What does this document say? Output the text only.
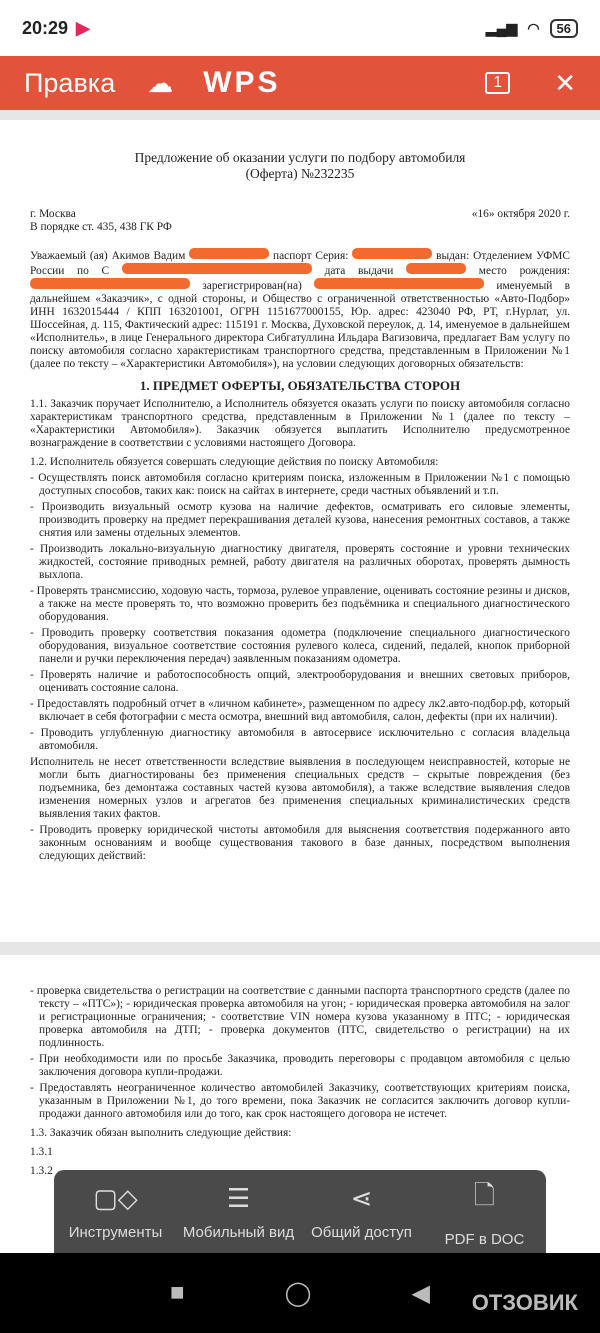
20:29 ▶	▂▄▆ ◠	56
Правка ☁ WPS	1	✕
Предложение об оказании услуги по подбору автомобиля
(Оферта) №232235
г. Москва	«16» октября 2020 г.
В порядке ст. 435, 438 ГК РФ

Уважаемый (ая) Акимов Вадим	паспорт Серия:	выдан: Отделением УФМС России по С	дата выдачи	место рождения:  зарегистрирован(на)	именуемый в дальнейшем «Заказчик», с одной стороны, и Общество с ограниченной ответственностью «Авто-Подбор» ИНН 1632015444 / КПП 163201001, ОГРН 1151677000155, Юр. адрес: 423040 РФ, РТ, г.Нурлат, ул. Шоссейная, д. 115, Фактический адрес: 115191 г. Москва, Духовской переулок, д. 14, именуемое в дальнейшем «Исполнитель», в лице Генерального директора Сибгатуллина Ильдара Вагизовича, предлагает Вам услугу по поиску автомобиля согласно характеристикам транспортного средства, представленным в Приложении №1 (далее по тексту – «Характеристики Автомобиля»), на условии следующих договорных обязательств:

1. ПРЕДМЕТ ОФЕРТЫ, ОБЯЗАТЕЛЬСТВА СТОРОН

1.1. Заказчик поручает Исполнителю, а Исполнитель обязуется оказать услуги по поиску автомобиля согласно характеристикам транспортного средства, представленным в Приложении №1 (далее по тексту – «Характеристики Автомобиля»). Заказчик обязуется выплатить Исполнителю предусмотренное вознаграждение в соответствии с условиями настоящего Договора.

1.2. Исполнитель обязуется совершать следующие действия по поиску Автомобиля:

- Осуществлять поиск автомобиля согласно критериям поиска, изложенным в Приложении №1 с помощью доступных способов, таких как: поиск на сайтах в интернете, среди частных объявлений и т.п.
- Производить визуальный осмотр кузова на наличие дефектов, осматривать его силовые элементы, производить проверку на предмет перекрашивания деталей кузова, нанесения ремонтных составов, а также снятия или замены отдельных элементов.
- Производить локально-визуальную диагностику двигателя, проверять состояние и уровни технических жидкостей, состояние приводных ремней, работу двигателя на различных оборотах, проверять дымность выхлопа.
- Проверять трансмиссию, ходовую часть, тормоза, рулевое управление, оценивать состояние резины и дисков, а также на месте проверять то, что возможно проверить без подъёмника и специального диагностического оборудования.
- Проводить проверку соответствия показания одометра (подключение специального диагностического оборудования, визуальное соответствие состояния рулевого колеса, сидений, педалей, кнопок приборной панели и ручки переключения передач) заявленным показаниям одометра.
- Проверять наличие и работоспособность опций, электрооборудования и внешних световых приборов, оценивать состояние салона.
- Предоставлять подробный отчет в «личном кабинете», размещенном по адресу лк2.авто-подбор.рф, который включает в себя фотографии с места осмотра, внешний вид автомобиля, салон, дефекты (при их наличии).
- Проводить углубленную диагностику автомобиля в автосервисе исключительно с согласия владельца автомобиля.
Исполнитель не несет ответственности вследствие выявления в последующем неисправностей, которые не могли быть диагностированы без применения специальных средств – скрытые повреждения (без подъемника, без демонтажа составных частей кузова автомобиля), а также вследствие выявления следов изменения номерных узлов и агрегатов без применения специальных криминалистических средств выявления таких фактов.
- Проводить проверку юридической чистоты автомобиля для выяснения соответствия подержанного авто законным основаниям и вообще существования такового в базе данных, посредством выполнения следующих действий:
- проверка свидетельства о регистрации на соответствие с данными паспорта транспортного средств (далее по тексту – «ПТС»); - юридическая проверка автомобиля на угон; - юридическая проверка автомобиля на залог и регистрационные ограничения; - соответствие VIN номера кузова указанному в ПТС; - юридическая проверка автомобиля на ДТП; - проверка документов (ПТС, свидетельство о регистрации) на их подлинность.
- При необходимости или по просьбе Заказчика, проводить переговоры с продавцом автомобиля с целью заключения договора купли-продажи.
- Предоставлять неограниченное количество автомобилей Заказчику, соответствующих критериям поиска, указанным в Приложении №1, до того времени, пока Заказчик не согласится заключить договор купли-продажи данного автомобиля или до того, как срок настоящего договора не истечет.

1.3. Заказчик обязан выполнить следующие действия:

1.3.1

1.3.2

▢◇
Инструменты
☰
Мобильный вид
⋖
Общий доступ
🗋
PDF в DOC
■	◯	◀ ОТЗОВИК
